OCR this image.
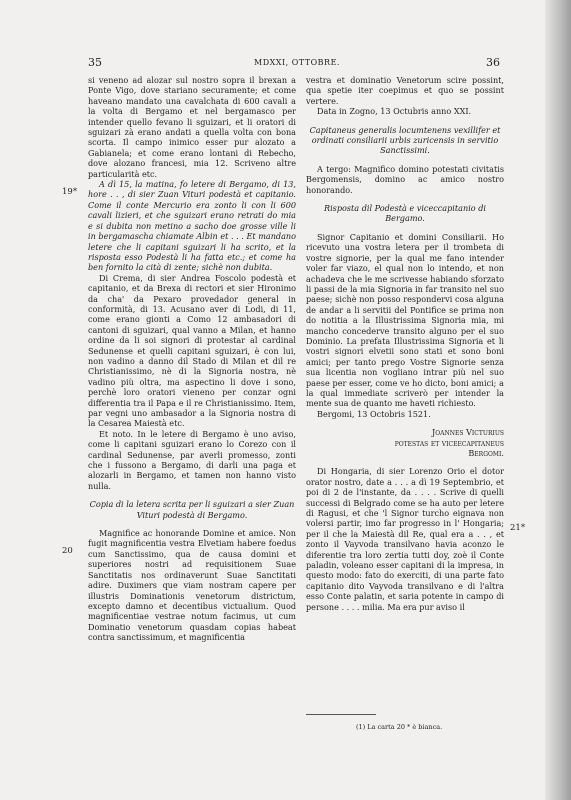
35	MDXXI, OTTOBRE.	36
19*
20
21*

si veneno ad alozar sul nostro sopra il brexan a Ponte Vigo, dove stariano securamente; et come haveano mandato una cavalchata di 600 cavali a la volta di Bergamo et nel bergamasco per intender quello fevano li sguizari, et li oratori di sguizari zà erano andati a quella volta con bona scorta. Il campo inimico esser pur alozato a Gabianela; et come erano lontani di Rebecho, dove alozano francesi, mia 12. Scriveno altre particularità etc.

A dì 15, la matina, fo letere di Bergamo, di 13, hore . . , di sier Zuan Vituri podestà et capitanio. Come il conte Mercurio era zonto li con li 600 cavali lizieri, et che sguizari erano retrati do mia e si dubita non metino a sacho doe grosse ville li in bergamascha chiamate Albin et . . . Et mandano letere che li capitani sguizari li ha scrito, et la risposta esso Podestà li ha fatta etc.; et come ha ben fornito la cità di zente; sichè non dubita.

Di Crema, di sier Andrea Foscolo podestà et capitanio, et da Brexa di rectori et sier Hironimo da cha' da Pexaro provedador general in conformità, di 13. Acusano aver di Lodi, di 11, come erano gionti a Como 12 ambasadori di cantoni di sguizari, qual vanno a Milan, et hanno ordine da li soi signori di protestar al cardinal Sedunense et quelli capitani sguizari, è con lui, non vadino a danno dil Stado di Milan et dil re Christianissimo, nè di la Signoria nostra, nè vadino più oltra, ma aspectino li dove i sono, perchè loro oratori vieneno per conzar ogni differentia tra il Papa e il re Christianissimo. Item, par vegni uno ambasador a la Signoria nostra di la Cesarea Maiestà etc.

Et noto. In le letere di Bergamo è uno aviso, come li capitani sguizari erano lo Corezo con il cardinal Sedunense, par averli promesso, zonti che i fussono a Bergamo, di darli una paga et alozarli in Bergamo, et tamen non hanno visto nulla.

Copia di la letera scrita per li sguizari a sier Zuan Vituri podestà di Bergamo.

Magnifice ac honorande Domine et amice. Non fugit magnificentia vestra Elvetiam habere foedus cum Sanctissimo, qua de causa domini et superiores nostri ad requisitionem Suae Sanctitatis nos ordinaverunt Suae Sanctitati adire. Duximers que viam nostram capere per illustris Dominationis venetorum districtum, excepto damno et decentibus victualium. Quod magnificentiae vestrae notum facimus, ut cum Dominatio venetorum quasdam copias habeat contra sanctissimum, et magnificentia

vestra et dominatio Venetorum scire possint, qua spetie iter coepimus et quo se possint vertere.

Data in Zogno, 13 Octubris anno XXI.

Capitaneus generalis locumtenens vexillifer et ordinati consiliarii urbis zuricensis in servitio Sanctissimi.

A tergo: Magnifico domino potestati civitatis Bergomensis, domino ac amico nostro honorando.

Risposta dil Podestà e viceccapitanio di Bergamo.

Signor Capitanio et domini Consiliarii. Ho ricevuto una vostra letera per il trombeta di vostre signorie, per la qual me fano intender voler far viazo, el qual non lo intendo, et non achadeva che le me scrivesse habiando sforzato li passi de la mia Signoria in far transito nel suo paese; sichè non posso respondervi cosa alguna de andar a li servitii del Pontifice se prima non do notitia a la Illustrissima Signoria mia, mi mancho concederve transito alguno per el suo Dominio. La prefata Illustrissima Signoria et li vostri signori elvetii sono stati et sono boni amici; per tanto prego Vostre Signorie senza sua licentia non vogliano intrar più nel suo paese per esser, come ve ho dicto, boni amici; a la qual immediate scriverò per intender la mente sua de quanto me haveti richiesto.

Bergomi, 13 Octobris 1521.

Joannes Victurius

potestas et viceecapitaneus

Bergomi.

Di Hongaria, di sier Lorenzo Orio el dotor orator nostro, date a . . . a dì 19 Septembrio, et poi di 2 de l'instante, da . . . . Scrive di quelli successi di Belgrado come se ha auto per letere di Ragusi, et che 'l Signor turcho eignava non volersi partir, imo far progresso in l' Hongaria; per il che la Maiestà dil Re, qual era a . . , et zonto il Vayvoda transilvano havia aconzo le diferentie tra loro zertia tutti doy, zoè il Conte paladin, voleano esser capitani di la impresa, in questo modo: fato do exerciti, di una parte fato capitanio dito Vayvoda transilvano e di l'altra esso Conte palatin, et saria potente in campo di persone . . . . milia. Ma era pur aviso il

(1) La carta 20 * è bianca.
